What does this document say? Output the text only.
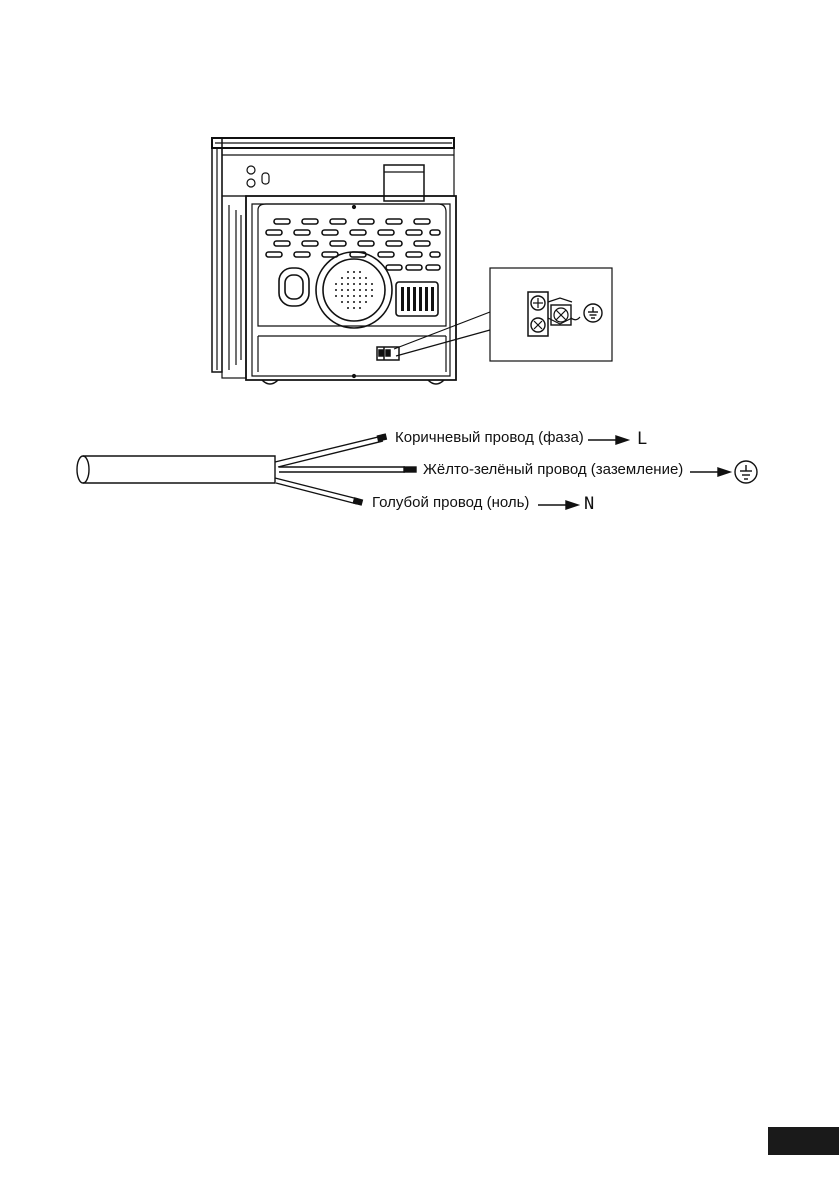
Коричневый провод (фаза)	L
Жёлто-зелёный провод (заземление)
Голубой провод (ноль)	N
